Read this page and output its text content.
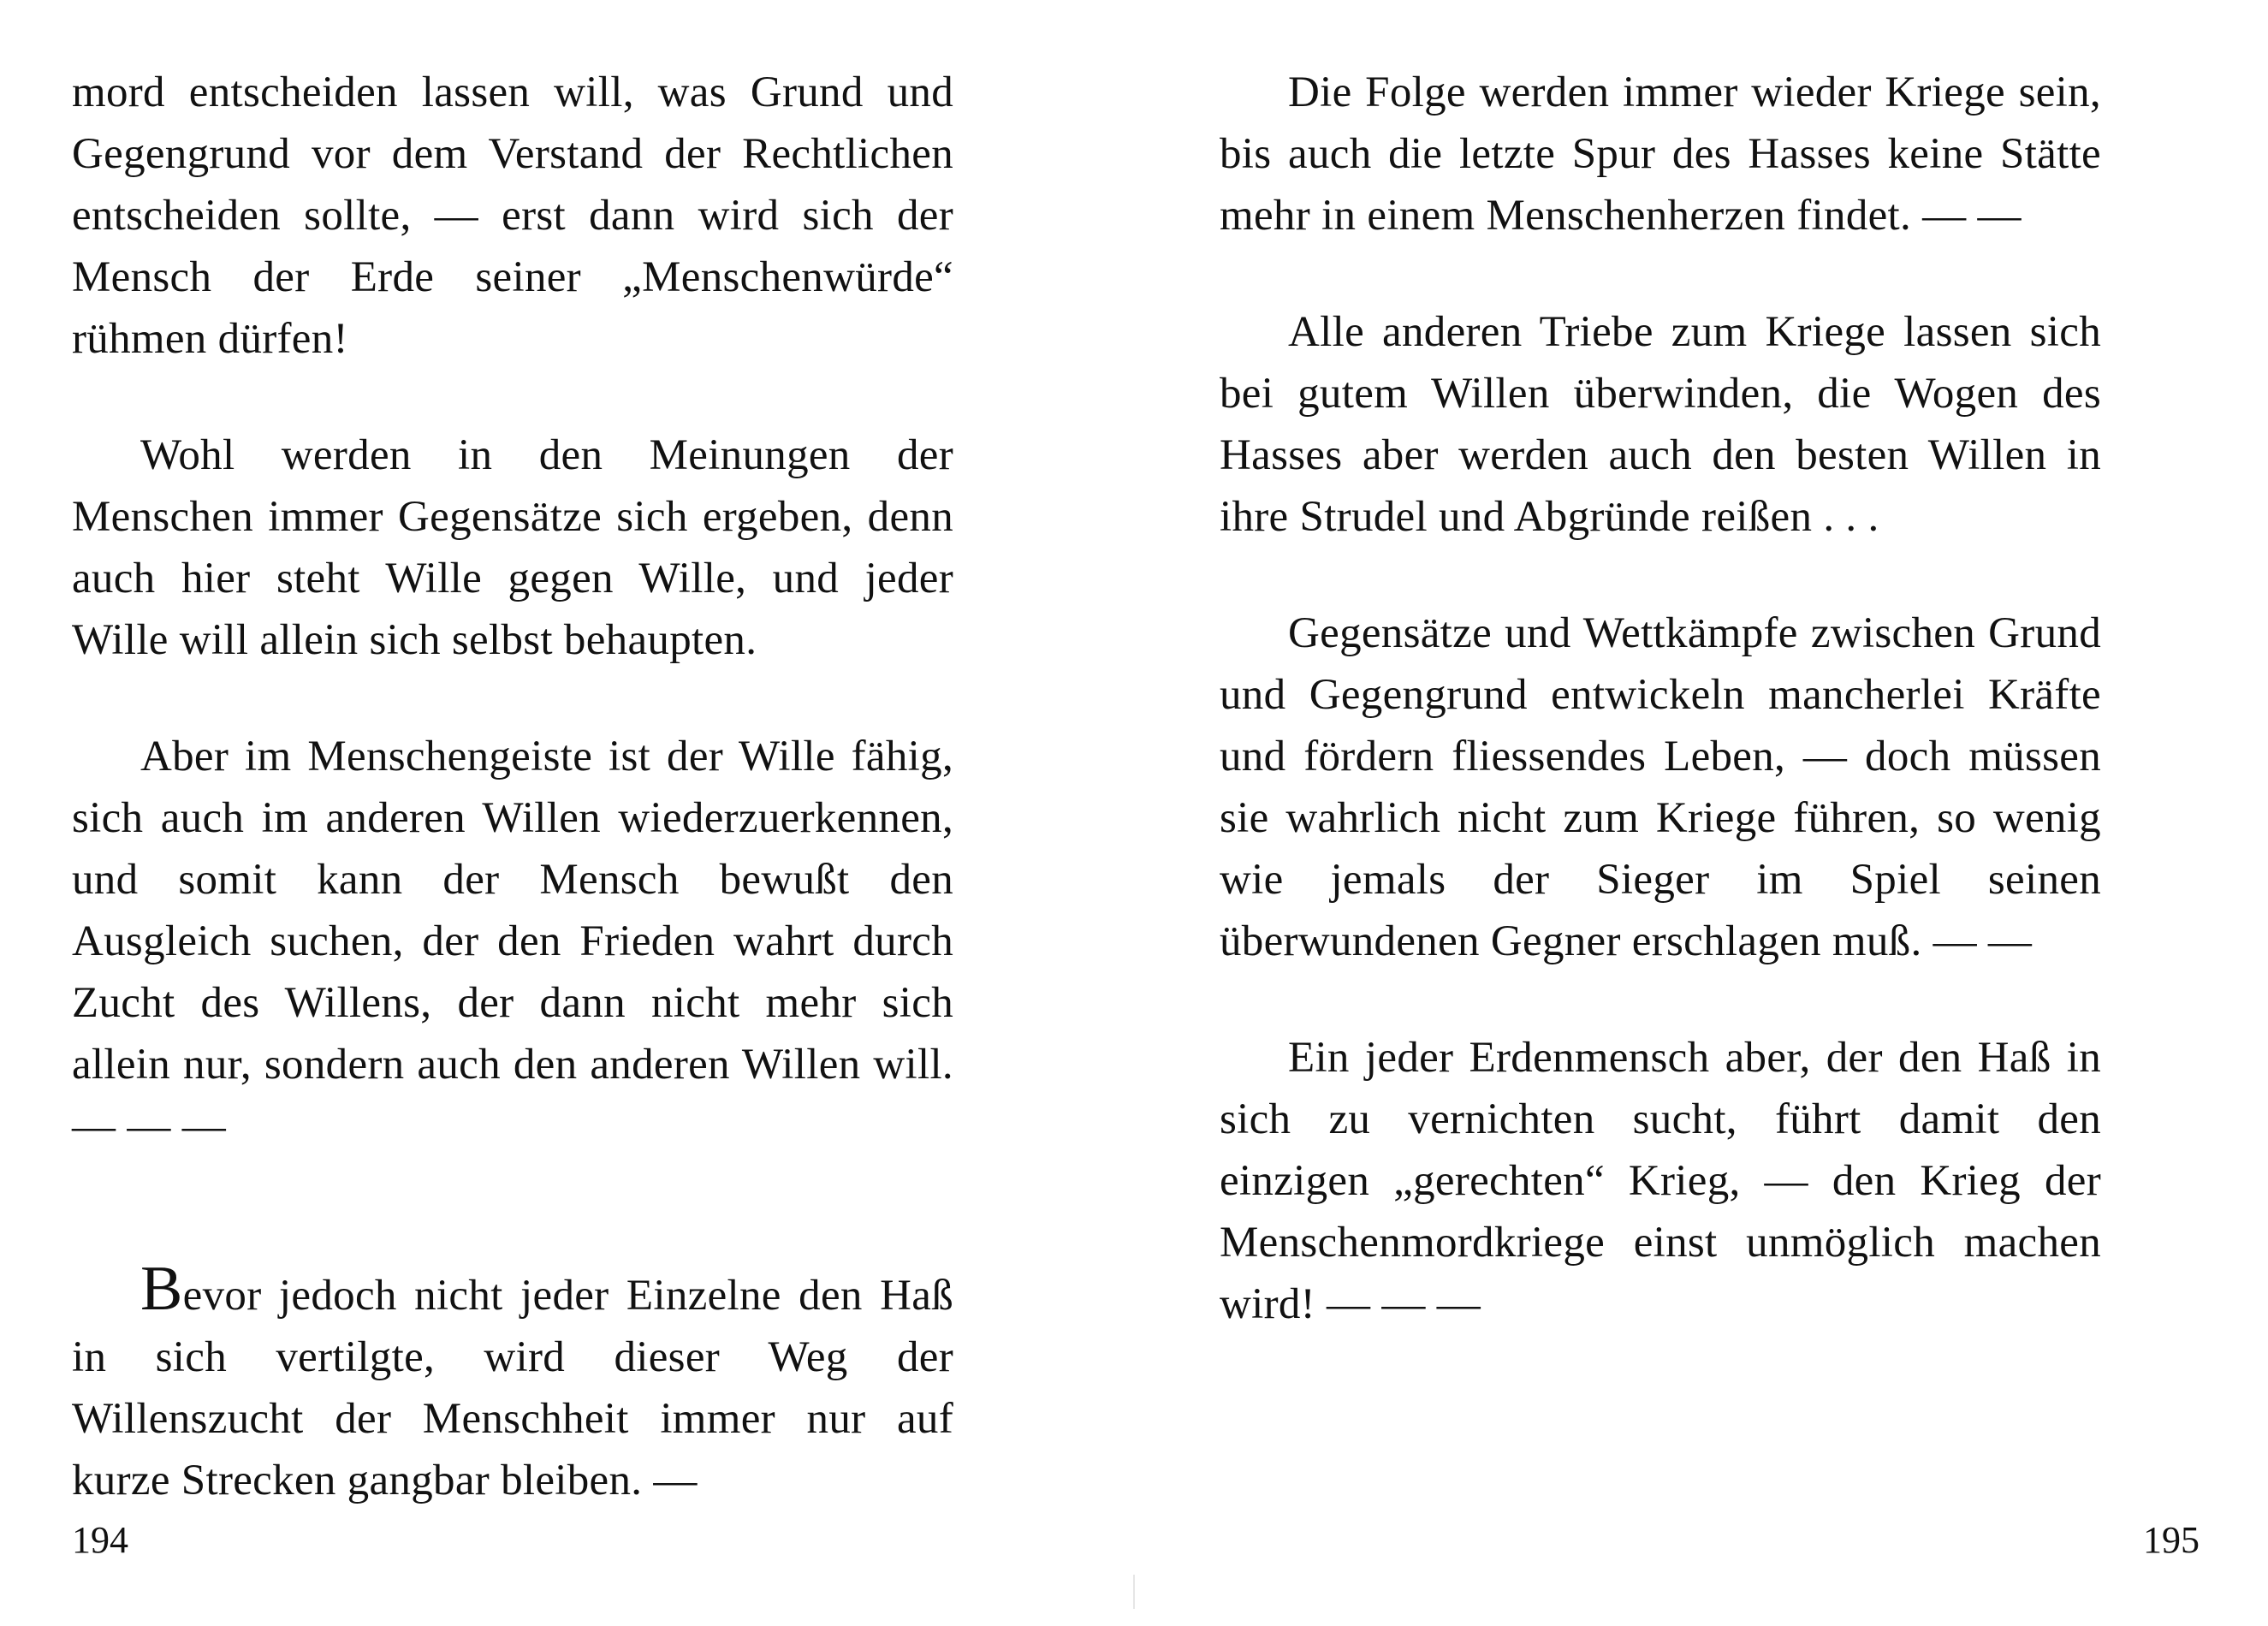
mord entscheiden lassen will, was Grund und Gegengrund vor dem Verstand der Rechtlichen entscheiden sollte, — erst dann wird sich der Mensch der Erde seiner „Menschenwürde“ rühmen dürfen!

Wohl werden in den Meinungen der Menschen immer Gegensätze sich ergeben, denn auch hier steht Wille gegen Wille, und jeder Wille will allein sich selbst behaupten.

Aber im Menschengeiste ist der Wille fähig, sich auch im anderen Willen wiederzuerkennen, und somit kann der Mensch bewußt den Ausgleich suchen, der den Frieden wahrt durch Zucht des Willens, der dann nicht mehr sich allein nur, sondern auch den anderen Willen will. — — —

Bevor jedoch nicht jeder Einzelne den Haß in sich vertilgte, wird dieser Weg der Willenszucht der Menschheit immer nur auf kurze Strecken gangbar bleiben. —

194

Die Folge werden immer wieder Kriege sein, bis auch die letzte Spur des Hasses keine Stätte mehr in einem Menschenherzen findet. — —

Alle anderen Triebe zum Kriege lassen sich bei gutem Willen überwinden, die Wogen des Hasses aber werden auch den besten Willen in ihre Strudel und Abgründe reißen . . .

Gegensätze und Wettkämpfe zwischen Grund und Gegengrund entwickeln mancherlei Kräfte und fördern fliessendes Leben, — doch müssen sie wahrlich nicht zum Kriege führen, so wenig wie jemals der Sieger im Spiel seinen überwundenen Gegner erschlagen muß. — —

Ein jeder Erdenmensch aber, der den Haß in sich zu vernichten sucht, führt damit den einzigen „gerechten“ Krieg, — den Krieg der Menschenmordkriege einst unmöglich machen wird! — — —

195
